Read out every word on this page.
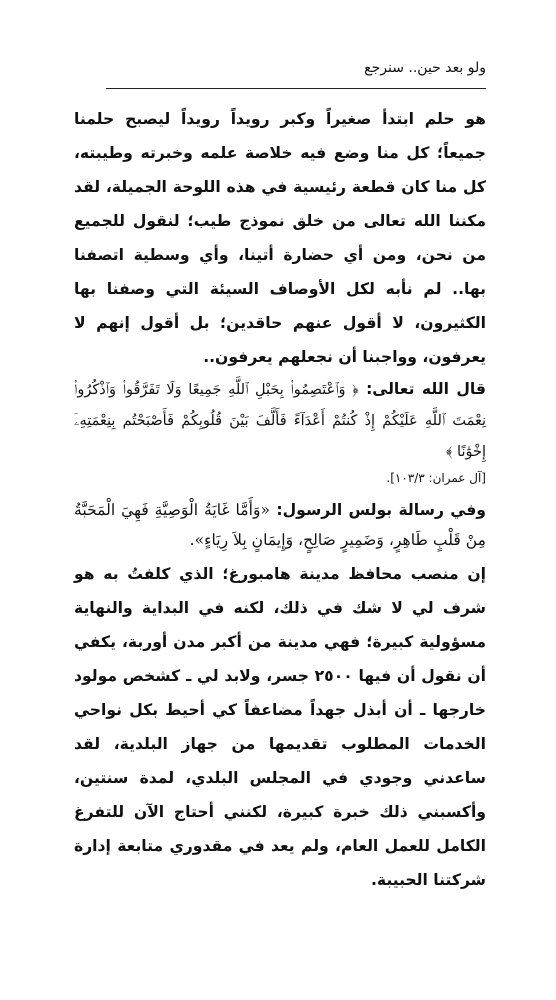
ولو بعد حين.. سنرجع

هو حلم ابتدأ صغيراً وكبر رويداً رويداً ليصبح حلمنا جميعاً؛ كل منا وضع فيه خلاصة علمه وخبرته وطيبته، كل منا كان قطعة رئيسية في هذه اللوحة الجميلة، لقد مكننا الله تعالى من خلق نموذج طيب؛ لنقول للجميع من نحن، ومن أي حضارة أتينا، وأي وسطية اتصفنا بها.. لم نأبه لكل الأوصاف السيئة التي وصفنا بها الكثيرون، لا أقول عنهم حاقدين؛ بل أقول إنهم لا يعرفون، وواجبنا أن نجعلهم يعرفون..

قال الله تعالى: ﴿ وَٱعْتَصِمُوا۟ بِحَبْلِ ٱللَّهِ جَمِيعًا وَلَا تَفَرَّقُوا۟ وَٱذْكُرُوا۟ نِعْمَتَ ٱللَّهِ عَلَيْكُمْ إِذْ كُنتُمْ أَعْدَآءً فَأَلَّفَ بَيْنَ قُلُوبِكُمْ فَأَصْبَحْتُم بِنِعْمَتِهِۦٓ إِخْوَٰنًا ﴾

[آل عمران: ١٠٣/٣].

وفي رسالة بولس الرسول: «وَأَمَّا غَايَةُ الْوَصِيَّةِ فَهِيَ الْمَحَبَّةُ مِنْ قَلْبٍ طَاهِرٍ، وَضَمِيرٍ صَالِحٍ، وَإِيمَانٍ بِلاَ رِيَاءٍ».

إن منصب محافظ مدينة هامبورغ؛ الذي كلفتُ به هو شرف لي لا شك في ذلك، لكنه في البداية والنهاية مسؤولية كبيرة؛ فهي مدينة من أكبر مدن أوربة، يكفي أن نقول أن فيها ٢٥٠٠ جسر، ولابد لي ـ كشخص مولود خارجها ـ أن أبذل جهداً مضاعفاً كي أحيط بكل نواحي الخدمات المطلوب تقديمها من جهاز البلدية، لقد ساعدني وجودي في المجلس البلدي، لمدة سنتين، وأكسبني ذلك خبرة كبيرة، لكنني أحتاج الآن للتفرغ الكامل للعمل العام، ولم يعد في مقدوري متابعة إدارة شركتنا الحبيبة.
